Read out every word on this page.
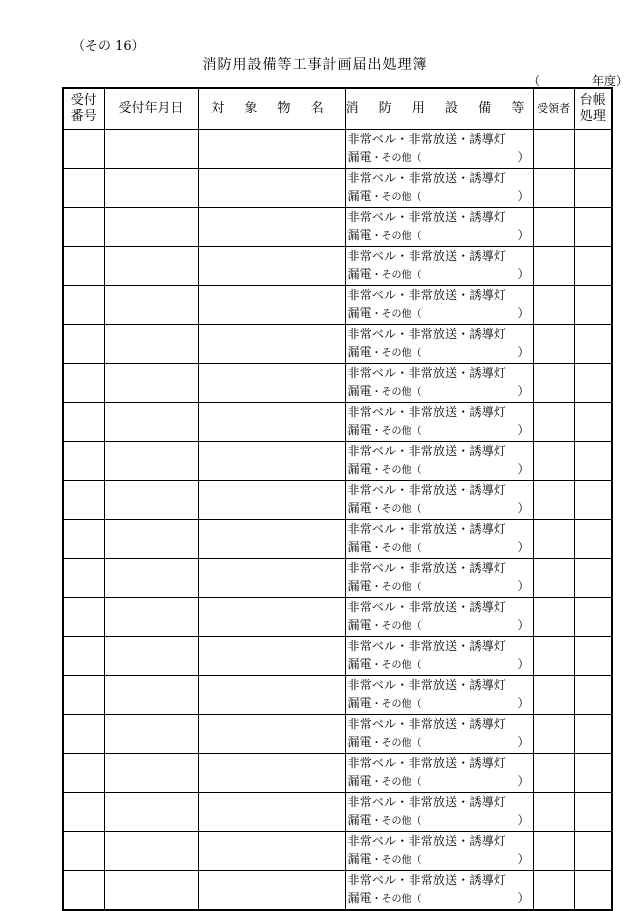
（その 16）
消防用設備等工事計画届出処理簿
（	年度）
受付
番号	受付年月日	対 象 物 名	消 防 用 設 備 等	受領者	台帳
処理

			非常ベル・非常放送・誘導灯
漏電・その他（ ）		

			非常ベル・非常放送・誘導灯
漏電・その他（ ）		

			非常ベル・非常放送・誘導灯
漏電・その他（ ）		

			非常ベル・非常放送・誘導灯
漏電・その他（ ）		

			非常ベル・非常放送・誘導灯
漏電・その他（ ）		

			非常ベル・非常放送・誘導灯
漏電・その他（ ）		

			非常ベル・非常放送・誘導灯
漏電・その他（ ）		

			非常ベル・非常放送・誘導灯
漏電・その他（ ）		

			非常ベル・非常放送・誘導灯
漏電・その他（ ）		

			非常ベル・非常放送・誘導灯
漏電・その他（ ）		

			非常ベル・非常放送・誘導灯
漏電・その他（ ）		

			非常ベル・非常放送・誘導灯
漏電・その他（ ）		

			非常ベル・非常放送・誘導灯
漏電・その他（ ）		

			非常ベル・非常放送・誘導灯
漏電・その他（ ）		

			非常ベル・非常放送・誘導灯
漏電・その他（ ）		

			非常ベル・非常放送・誘導灯
漏電・その他（ ）		

			非常ベル・非常放送・誘導灯
漏電・その他（ ）		

			非常ベル・非常放送・誘導灯
漏電・その他（ ）		

			非常ベル・非常放送・誘導灯
漏電・その他（ ）		

			非常ベル・非常放送・誘導灯
漏電・その他（ ）		
